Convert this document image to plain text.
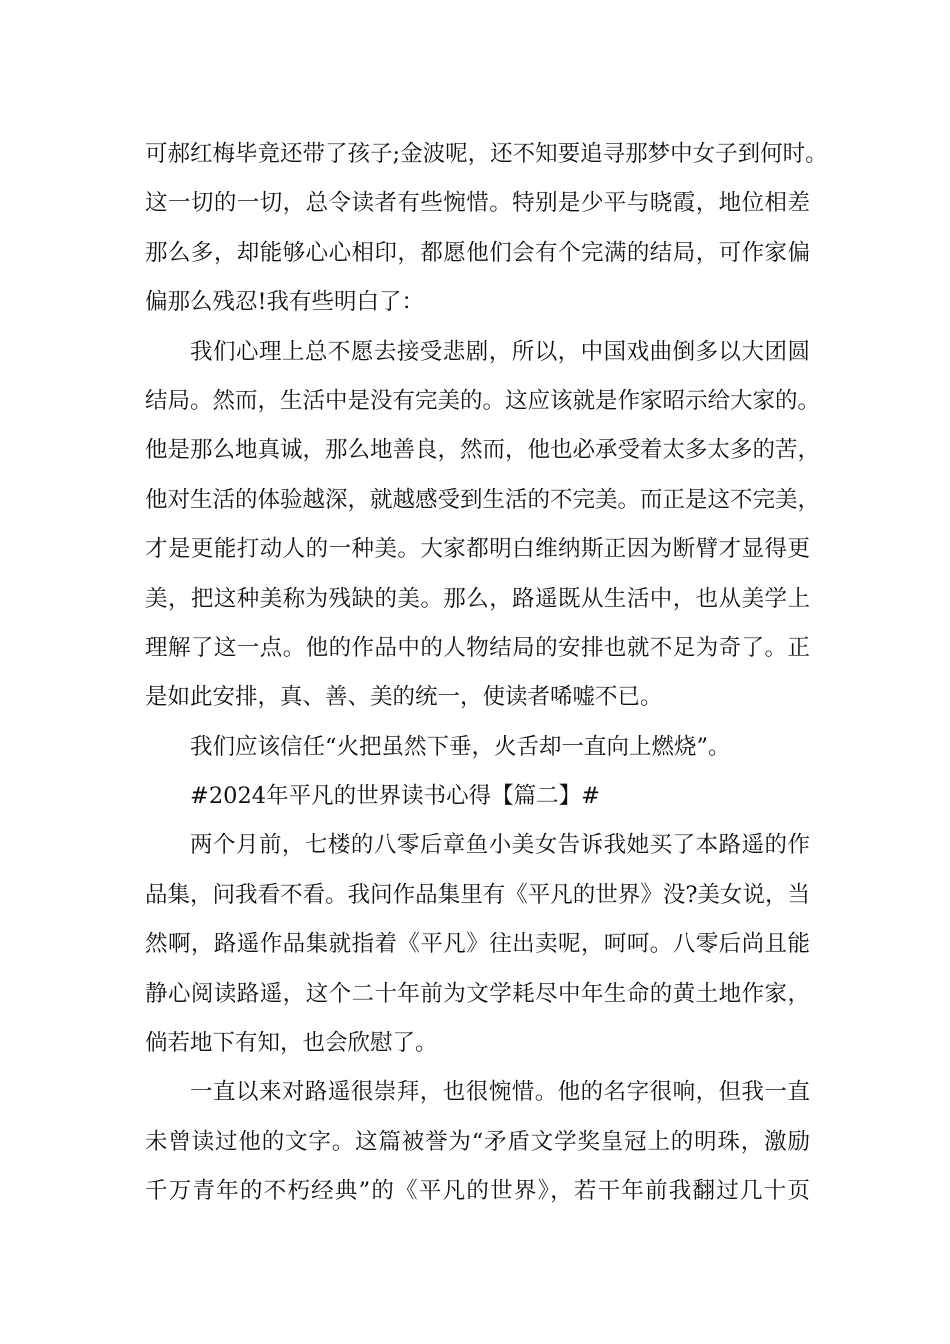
可郝红梅毕竟还带了孩子;金波呢，还不知要追寻那梦中女子到何时。
这一切的一切，总令读者有些惋惜。特别是少平与晓霞，地位相差
那么多，却能够心心相印，都愿他们会有个完满的结局，可作家偏
偏那么残忍!我有些明白了：
我们心理上总不愿去接受悲剧，所以，中国戏曲倒多以大团圆
结局。然而，生活中是没有完美的。这应该就是作家昭示给大家的。
他是那么地真诚，那么地善良，然而，他也必承受着太多太多的苦，
他对生活的体验越深，就越感受到生活的不完美。而正是这不完美，
才是更能打动人的一种美。大家都明白维纳斯正因为断臂才显得更
美，把这种美称为残缺的美。那么，路遥既从生活中，也从美学上
理解了这一点。他的作品中的人物结局的安排也就不足为奇了。正
是如此安排，真、善、美的统一，使读者唏嘘不已。
我们应该信任“火把虽然下垂，火舌却一直向上燃烧”。
#2024年平凡的世界读书心得【篇二】#
两个月前，七楼的八零后章鱼小美女告诉我她买了本路遥的作
品集，问我看不看。我问作品集里有《平凡的世界》没?美女说，当
然啊，路遥作品集就指着《平凡》往出卖呢，呵呵。八零后尚且能
静心阅读路遥，这个二十年前为文学耗尽中年生命的黄土地作家，
倘若地下有知，也会欣慰了。
一直以来对路遥很崇拜，也很惋惜。他的名字很响，但我一直
未曾读过他的文字。这篇被誉为“矛盾文学奖皇冠上的明珠，激励
千万青年的不朽经典”的《平凡的世界》，若干年前我翻过几十页
